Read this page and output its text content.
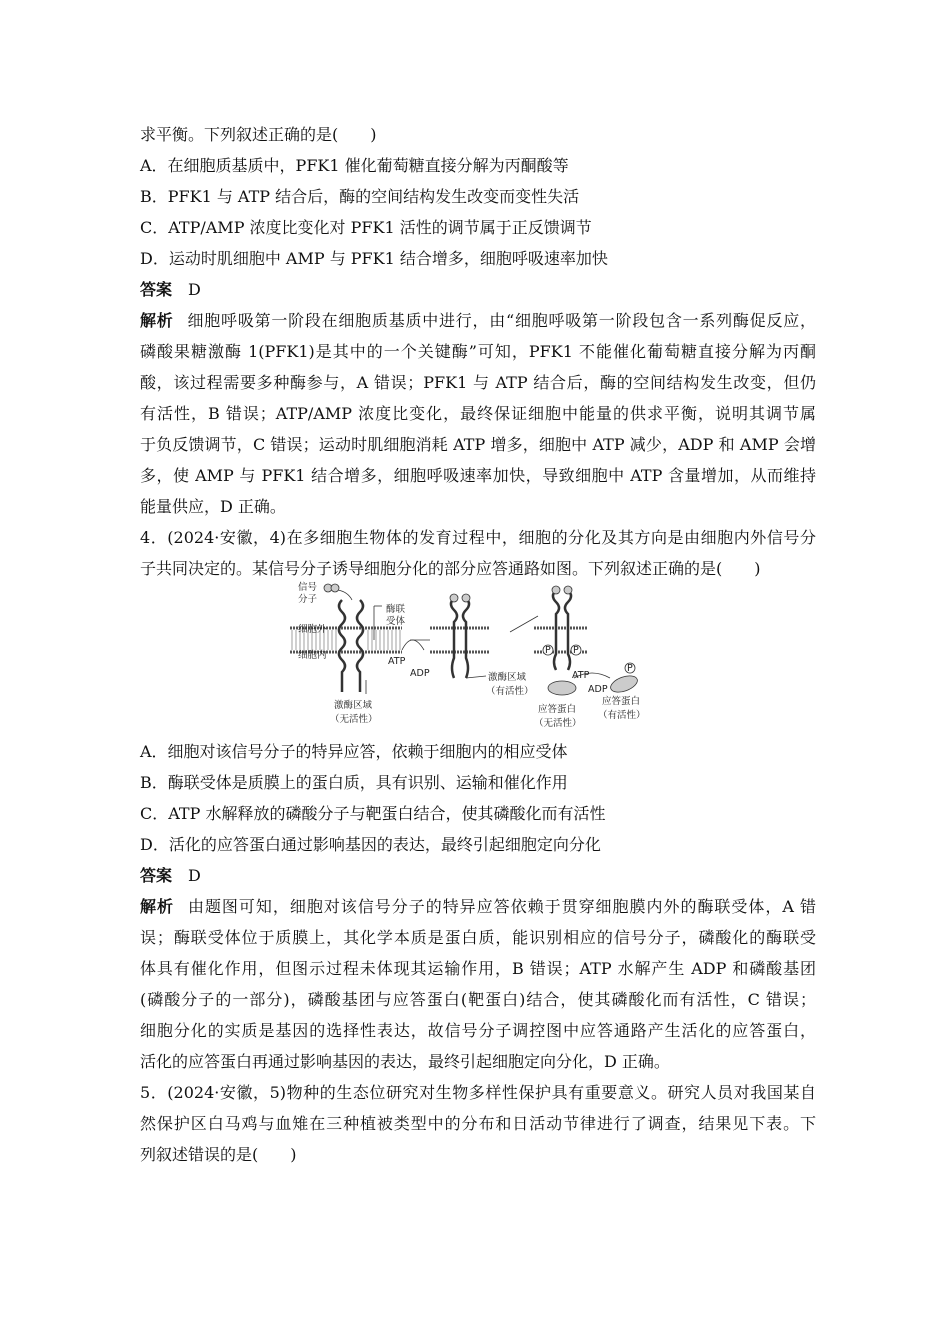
求平衡。下列叙述正确的是(　　)
A．在细胞质基质中，PFK1 催化葡萄糖直接分解为丙酮酸等
B．PFK1 与 ATP 结合后，酶的空间结构发生改变而变性失活
C．ATP/AMP 浓度比变化对 PFK1 活性的调节属于正反馈调节
D．运动时肌细胞中 AMP 与 PFK1 结合增多，细胞呼吸速率加快
答案 D
解析 细胞呼吸第一阶段在细胞质基质中进行，由“细胞呼吸第一阶段包含一系列酶促反应，
磷酸果糖激酶 1(PFK1)是其中的一个关键酶”可知，PFK1 不能催化葡萄糖直接分解为丙酮
酸，该过程需要多种酶参与，A 错误；PFK1 与 ATP 结合后，酶的空间结构发生改变，但仍
有活性，B 错误；ATP/AMP 浓度比变化，最终保证细胞中能量的供求平衡，说明其调节属
于负反馈调节，C 错误；运动时肌细胞消耗 ATP 增多，细胞中 ATP 减少，ADP 和 AMP 会增
多，使 AMP 与 PFK1 结合增多，细胞呼吸速率加快，导致细胞中 ATP 含量增加，从而维持
能量供应，D 正确。
4．(2024·安徽，4)在多细胞生物体的发育过程中，细胞的分化及其方向是由细胞内外信号分
子共同决定的。某信号分子诱导细胞分化的部分应答通路如图。下列叙述正确的是(　　)
信号
分子
酶联
受体
细胞外
细胞内
激酶区域
（无活性）
ATP
ADP	激酶区域
（有活性）
P P
P
ATP
ADP
应答蛋白
（无活性）
应答蛋白
（有活性）
A．细胞对该信号分子的特异应答，依赖于细胞内的相应受体
B．酶联受体是质膜上的蛋白质，具有识别、运输和催化作用
C．ATP 水解释放的磷酸分子与靶蛋白结合，使其磷酸化而有活性
D．活化的应答蛋白通过影响基因的表达，最终引起细胞定向分化
答案 D
解析 由题图可知，细胞对该信号分子的特异应答依赖于贯穿细胞膜内外的酶联受体，A 错
误；酶联受体位于质膜上，其化学本质是蛋白质，能识别相应的信号分子，磷酸化的酶联受
体具有催化作用，但图示过程未体现其运输作用，B 错误；ATP 水解产生 ADP 和磷酸基团
(磷酸分子的一部分)，磷酸基团与应答蛋白(靶蛋白)结合，使其磷酸化而有活性，C 错误；
细胞分化的实质是基因的选择性表达，故信号分子调控图中应答通路产生活化的应答蛋白，
活化的应答蛋白再通过影响基因的表达，最终引起细胞定向分化，D 正确。
5．(2024·安徽，5)物种的生态位研究对生物多样性保护具有重要意义。研究人员对我国某自
然保护区白马鸡与血雉在三种植被类型中的分布和日活动节律进行了调查，结果见下表。下
列叙述错误的是(　　)
